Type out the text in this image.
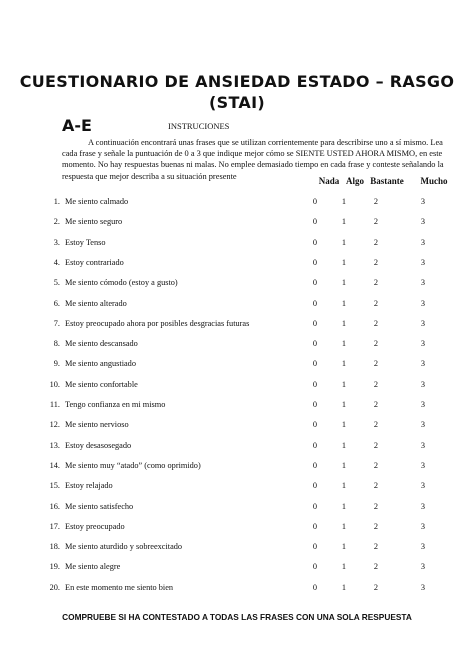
CUESTIONARIO DE ANSIEDAD ESTADO – RASGO
(STAI)
A-E	INSTRUCIONES
A continuación encontrará unas frases que se utilizan corrientemente para describirse uno a sí mismo. Lea cada frase y señale la puntuación de 0 a 3 que indique mejor cómo se SIENTE USTED AHORA MISMO, en este momento. No hay respuestas buenas ni malas. No emplee demasiado tiempo en cada frase y conteste señalando la respuesta que mejor describa a su situación presente	Nada Algo Bastante	Mucho
1. Me siento calmado	0	1	2	3
2. Me siento seguro	0	1	2	3
3. Estoy Tenso	0	1	2	3
4. Estoy contrariado	0	1	2	3
5. Me siento cómodo (estoy a gusto)	0	1	2	3
6. Me siento alterado	0	1	2	3
7. Estoy preocupado ahora por posibles desgracias futuras	0	1	2	3
8. Me siento descansado	0	1	2	3
9. Me siento angustiado	0	1	2	3
10. Me siento confortable	0	1	2	3
11. Tengo confianza en mi mismo	0	1	2	3
12. Me siento nervioso	0	1	2	3
13. Estoy desasosegado	0	1	2	3
14. Me siento muy “atado” (como oprimido)	0	1	2	3
15. Estoy relajado	0	1	2	3
16. Me siento satisfecho	0	1	2	3
17. Estoy preocupado	0	1	2	3
18. Me siento aturdido y sobreexcitado	0	1	2	3
19. Me siento alegre	0	1	2	3
20. En este momento me siento bien	0	1	2	3
COMPRUEBE SI HA CONTESTADO A TODAS LAS FRASES CON UNA SOLA RESPUESTA
